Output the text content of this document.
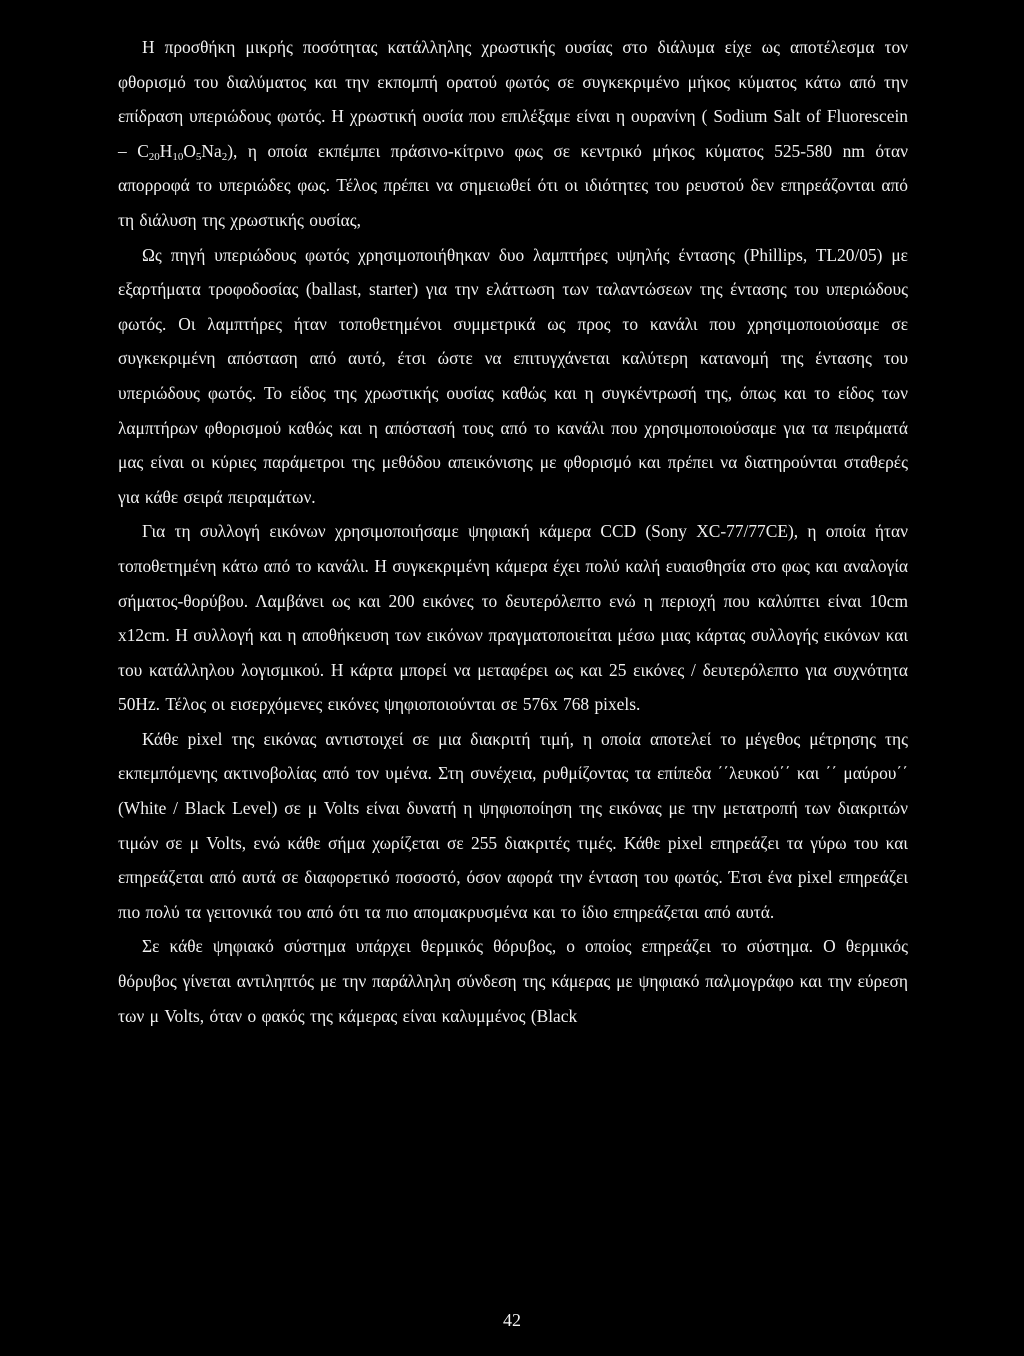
Η προσθήκη μικρής ποσότητας κατάλληλης χρωστικής ουσίας στο διάλυμα είχε ως αποτέλεσμα τον φθορισμό του διαλύματος και την εκπομπή ορατού φωτός σε συγκεκριμένο μήκος κύματος κάτω από την επίδραση υπεριώδους φωτός. Η χρωστική ουσία που επιλέξαμε είναι η ουρανίνη ( Sodium Salt of Fluorescein – $C_{20}H_{10}O_5Na_2$), η οποία εκπέμπει πράσινο-κίτρινο φως σε κεντρικό μήκος κύματος 525-580 nm όταν απορροφά το υπεριώδες φως. Τέλος πρέπει να σημειωθεί ότι οι ιδιότητες του ρευστού δεν επηρεάζονται από τη διάλυση της χρωστικής ουσίας,

Ως πηγή υπεριώδους φωτός χρησιμοποιήθηκαν δυο λαμπτήρες υψηλής έντασης (Phillips, TL20/05) με εξαρτήματα τροφοδοσίας (ballast, starter) για την ελάττωση των ταλαντώσεων της έντασης του υπεριώδους φωτός. Οι λαμπτήρες ήταν τοποθετημένοι συμμετρικά ως προς το κανάλι που χρησιμοποιούσαμε σε συγκεκριμένη απόσταση από αυτό, έτσι ώστε να επιτυγχάνεται καλύτερη κατανομή της έντασης του υπεριώδους φωτός. Το είδος της χρωστικής ουσίας καθώς και η συγκέντρωσή της, όπως και το είδος των λαμπτήρων φθορισμού καθώς και η απόστασή τους από το κανάλι που χρησιμοποιούσαμε για τα πειράματά μας είναι οι κύριες παράμετροι της μεθόδου απεικόνισης με φθορισμό και πρέπει να διατηρούνται σταθερές για κάθε σειρά πειραμάτων.

Για τη συλλογή εικόνων χρησιμοποιήσαμε ψηφιακή κάμερα CCD (Sony XC-77/77CE), η οποία ήταν τοποθετημένη κάτω από το κανάλι. Η συγκεκριμένη κάμερα έχει πολύ καλή ευαισθησία στο φως και αναλογία σήματος-θορύβου. Λαμβάνει ως και 200 εικόνες το δευτερόλεπτο ενώ η περιοχή που καλύπτει είναι 10cm x12cm. Η συλλογή και η αποθήκευση των εικόνων πραγματοποιείται μέσω μιας κάρτας συλλογής εικόνων και του κατάλληλου λογισμικού. Η κάρτα μπορεί να μεταφέρει ως και 25 εικόνες / δευτερόλεπτο για συχνότητα 50Hz. Τέλος οι εισερχόμενες εικόνες ψηφιοποιούνται σε 576x 768 pixels.

Κάθε pixel της εικόνας αντιστοιχεί σε μια διακριτή τιμή, η οποία αποτελεί το μέγεθος μέτρησης της εκπεμπόμενης ακτινοβολίας από τον υμένα. Στη συνέχεια, ρυθμίζοντας τα επίπεδα ΄΄λευκού΄΄ και ΄΄ μαύρου΄΄ (White / Black Level) σε μ Volts είναι δυνατή η ψηφιοποίηση της εικόνας με την μετατροπή των διακριτών τιμών σε μ Volts, ενώ κάθε σήμα χωρίζεται σε 255 διακριτές τιμές. Κάθε pixel επηρεάζει τα γύρω του και επηρεάζεται από αυτά σε διαφορετικό ποσοστό, όσον αφορά την ένταση του φωτός. Έτσι ένα pixel επηρεάζει πιο πολύ τα γειτονικά του από ότι τα πιο απομακρυσμένα και το ίδιο επηρεάζεται από αυτά.

Σε κάθε ψηφιακό σύστημα υπάρχει θερμικός θόρυβος, ο οποίος επηρεάζει το σύστημα. Ο θερμικός θόρυβος γίνεται αντιληπτός με την παράλληλη σύνδεση της κάμερας με ψηφιακό παλμογράφο και την εύρεση των μ Volts, όταν ο φακός της κάμερας είναι καλυμμένος (Black

42
